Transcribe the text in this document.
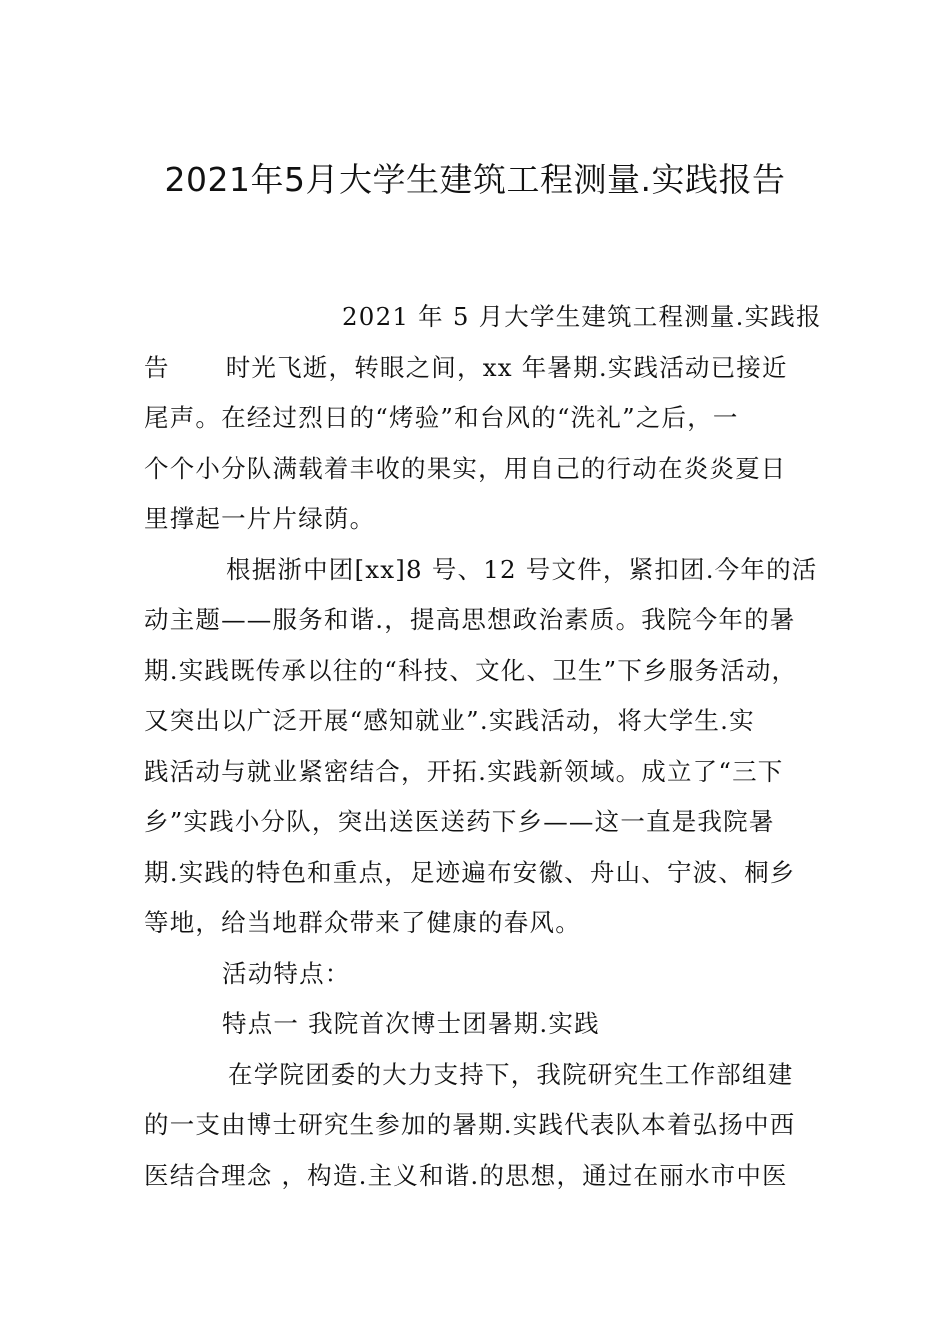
2021年5月大学生建筑工程测量.实践报告
2021 年 5 月大学生建筑工程测量.实践报
告 时光飞逝，转眼之间，xx 年暑期.实践活动已接近
尾声。在经过烈日的“烤验”和台风的“洗礼”之后，一
个个小分队满载着丰收的果实，用自己的行动在炎炎夏日
里撑起一片片绿荫。
根据浙中团[xx]8 号、12 号文件，紧扣团.今年的活
动主题——服务和谐.，提高思想政治素质。我院今年的暑
期.实践既传承以往的“科技、文化、卫生”下乡服务活动，
又突出以广泛开展“感知就业”.实践活动，将大学生.实
践活动与就业紧密结合，开拓.实践新领域。成立了“三下
乡”实践小分队，突出送医送药下乡——这一直是我院暑
期.实践的特色和重点，足迹遍布安徽、舟山、宁波、桐乡
等地，给当地群众带来了健康的春风。
活动特点：
特点一 我院首次博士团暑期.实践
在学院团委的大力支持下，我院研究生工作部组建
的一支由博士研究生参加的暑期.实践代表队本着弘扬中西
医结合理念 ，构造.主义和谐.的思想，通过在丽水市中医
